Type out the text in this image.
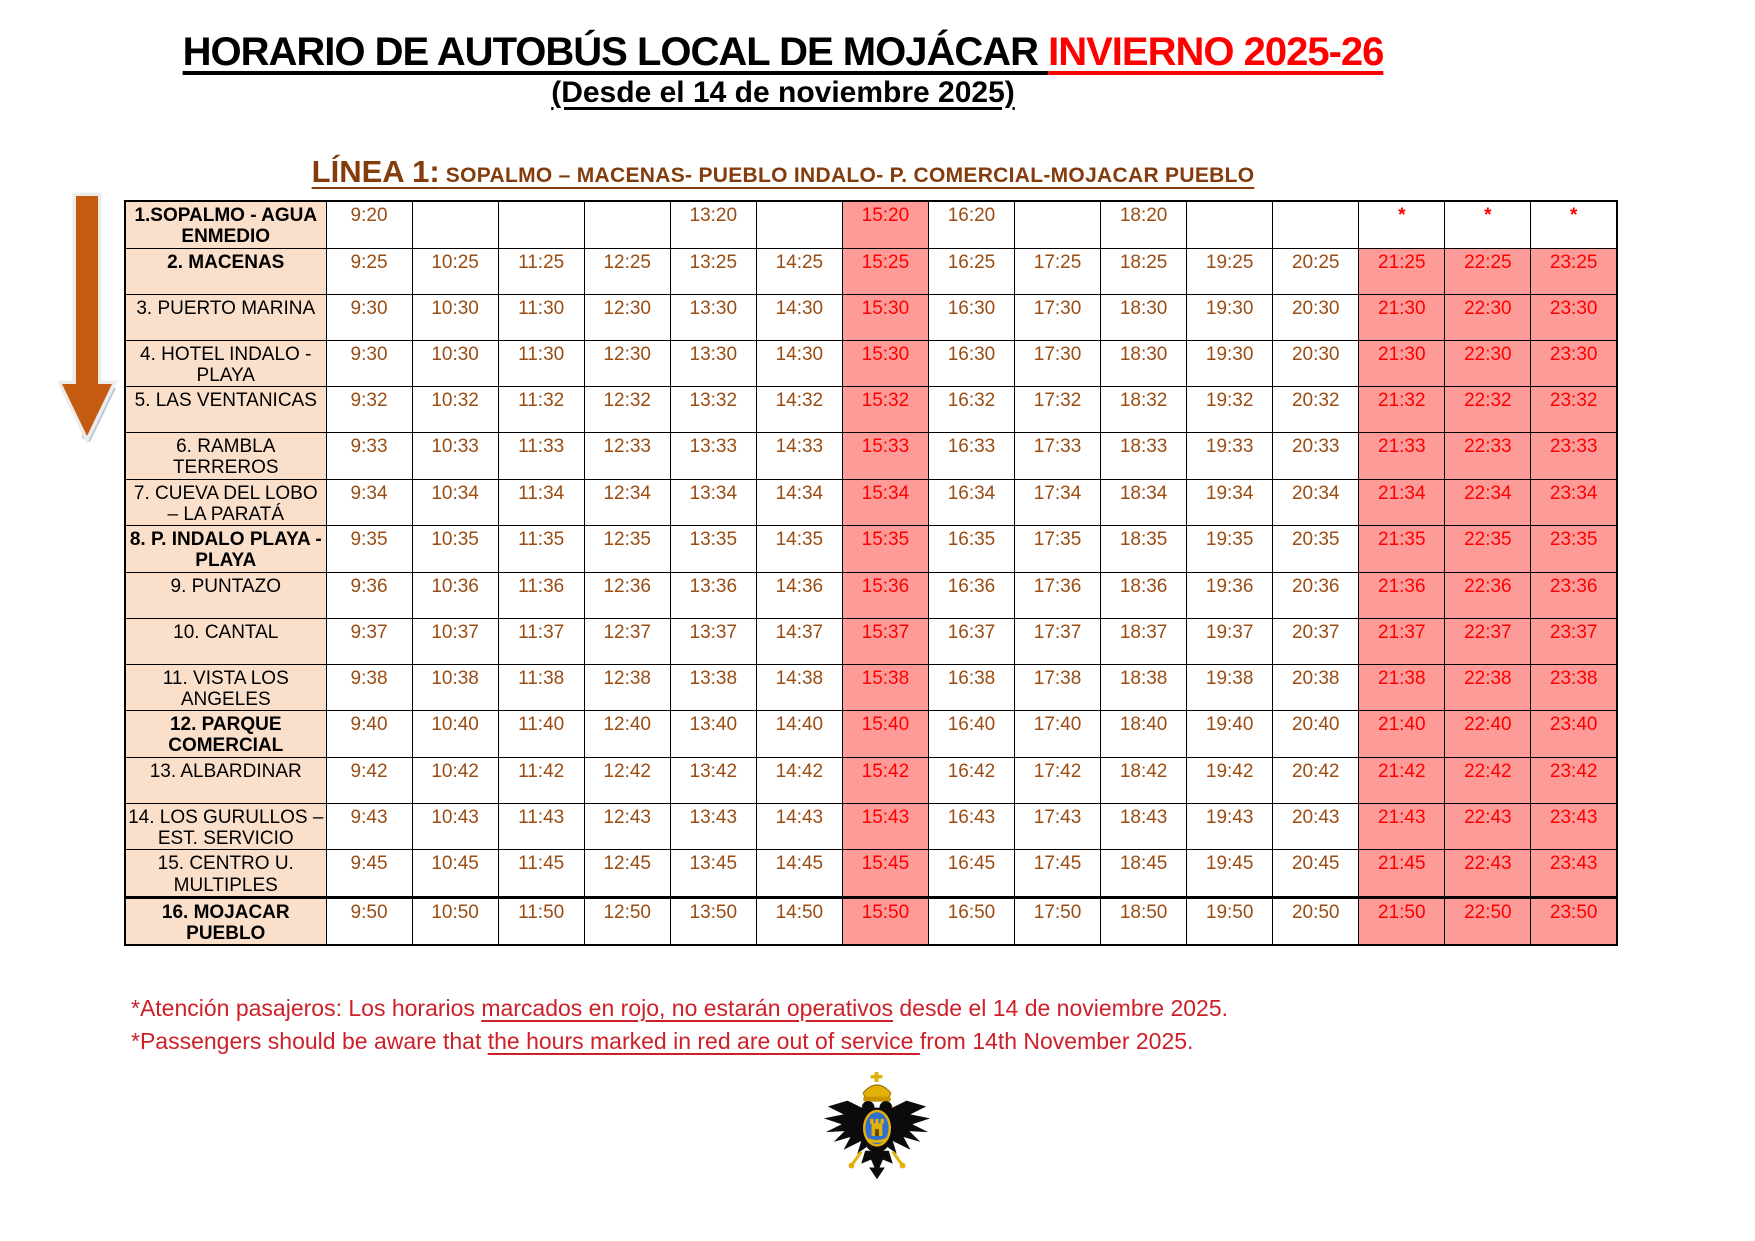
HORARIO DE AUTOBÚS LOCAL DE MOJÁCAR INVIERNO 2025-26
(Desde el 14 de noviembre 2025)
LÍNEA 1: SOPALMO – MACENAS- PUEBLO INDALO- P. COMERCIAL-MOJACAR PUEBLO
1.SOPALMO - AGUA ENMEDIO	9:20				13:20		15:20	16:20		18:20			*	*	*
2. MACENAS	9:25	10:25	11:25	12:25	13:25	14:25	15:25	16:25	17:25	18:25	19:25	20:25	21:25	22:25	23:25
3. PUERTO MARINA	9:30	10:30	11:30	12:30	13:30	14:30	15:30	16:30	17:30	18:30	19:30	20:30	21:30	22:30	23:30
4. HOTEL INDALO - PLAYA	9:30	10:30	11:30	12:30	13:30	14:30	15:30	16:30	17:30	18:30	19:30	20:30	21:30	22:30	23:30
5. LAS VENTANICAS	9:32	10:32	11:32	12:32	13:32	14:32	15:32	16:32	17:32	18:32	19:32	20:32	21:32	22:32	23:32
6. RAMBLA TERREROS	9:33	10:33	11:33	12:33	13:33	14:33	15:33	16:33	17:33	18:33	19:33	20:33	21:33	22:33	23:33
7. CUEVA DEL LOBO – LA PARATÁ	9:34	10:34	11:34	12:34	13:34	14:34	15:34	16:34	17:34	18:34	19:34	20:34	21:34	22:34	23:34
8. P. INDALO PLAYA - PLAYA	9:35	10:35	11:35	12:35	13:35	14:35	15:35	16:35	17:35	18:35	19:35	20:35	21:35	22:35	23:35
9. PUNTAZO	9:36	10:36	11:36	12:36	13:36	14:36	15:36	16:36	17:36	18:36	19:36	20:36	21:36	22:36	23:36
10. CANTAL	9:37	10:37	11:37	12:37	13:37	14:37	15:37	16:37	17:37	18:37	19:37	20:37	21:37	22:37	23:37
11. VISTA LOS ANGELES	9:38	10:38	11:38	12:38	13:38	14:38	15:38	16:38	17:38	18:38	19:38	20:38	21:38	22:38	23:38
12. PARQUE COMERCIAL	9:40	10:40	11:40	12:40	13:40	14:40	15:40	16:40	17:40	18:40	19:40	20:40	21:40	22:40	23:40
13. ALBARDINAR	9:42	10:42	11:42	12:42	13:42	14:42	15:42	16:42	17:42	18:42	19:42	20:42	21:42	22:42	23:42
14. LOS GURULLOS – EST. SERVICIO	9:43	10:43	11:43	12:43	13:43	14:43	15:43	16:43	17:43	18:43	19:43	20:43	21:43	22:43	23:43
15. CENTRO U. MULTIPLES	9:45	10:45	11:45	12:45	13:45	14:45	15:45	16:45	17:45	18:45	19:45	20:45	21:45	22:43	23:43
16. MOJACAR PUEBLO	9:50	10:50	11:50	12:50	13:50	14:50	15:50	16:50	17:50	18:50	19:50	20:50	21:50	22:50	23:50
*Atención pasajeros: Los horarios marcados en rojo, no estarán operativos desde el 14 de noviembre 2025.
*Passengers should be aware that the hours marked in red are out of service from 14th November 2025.
